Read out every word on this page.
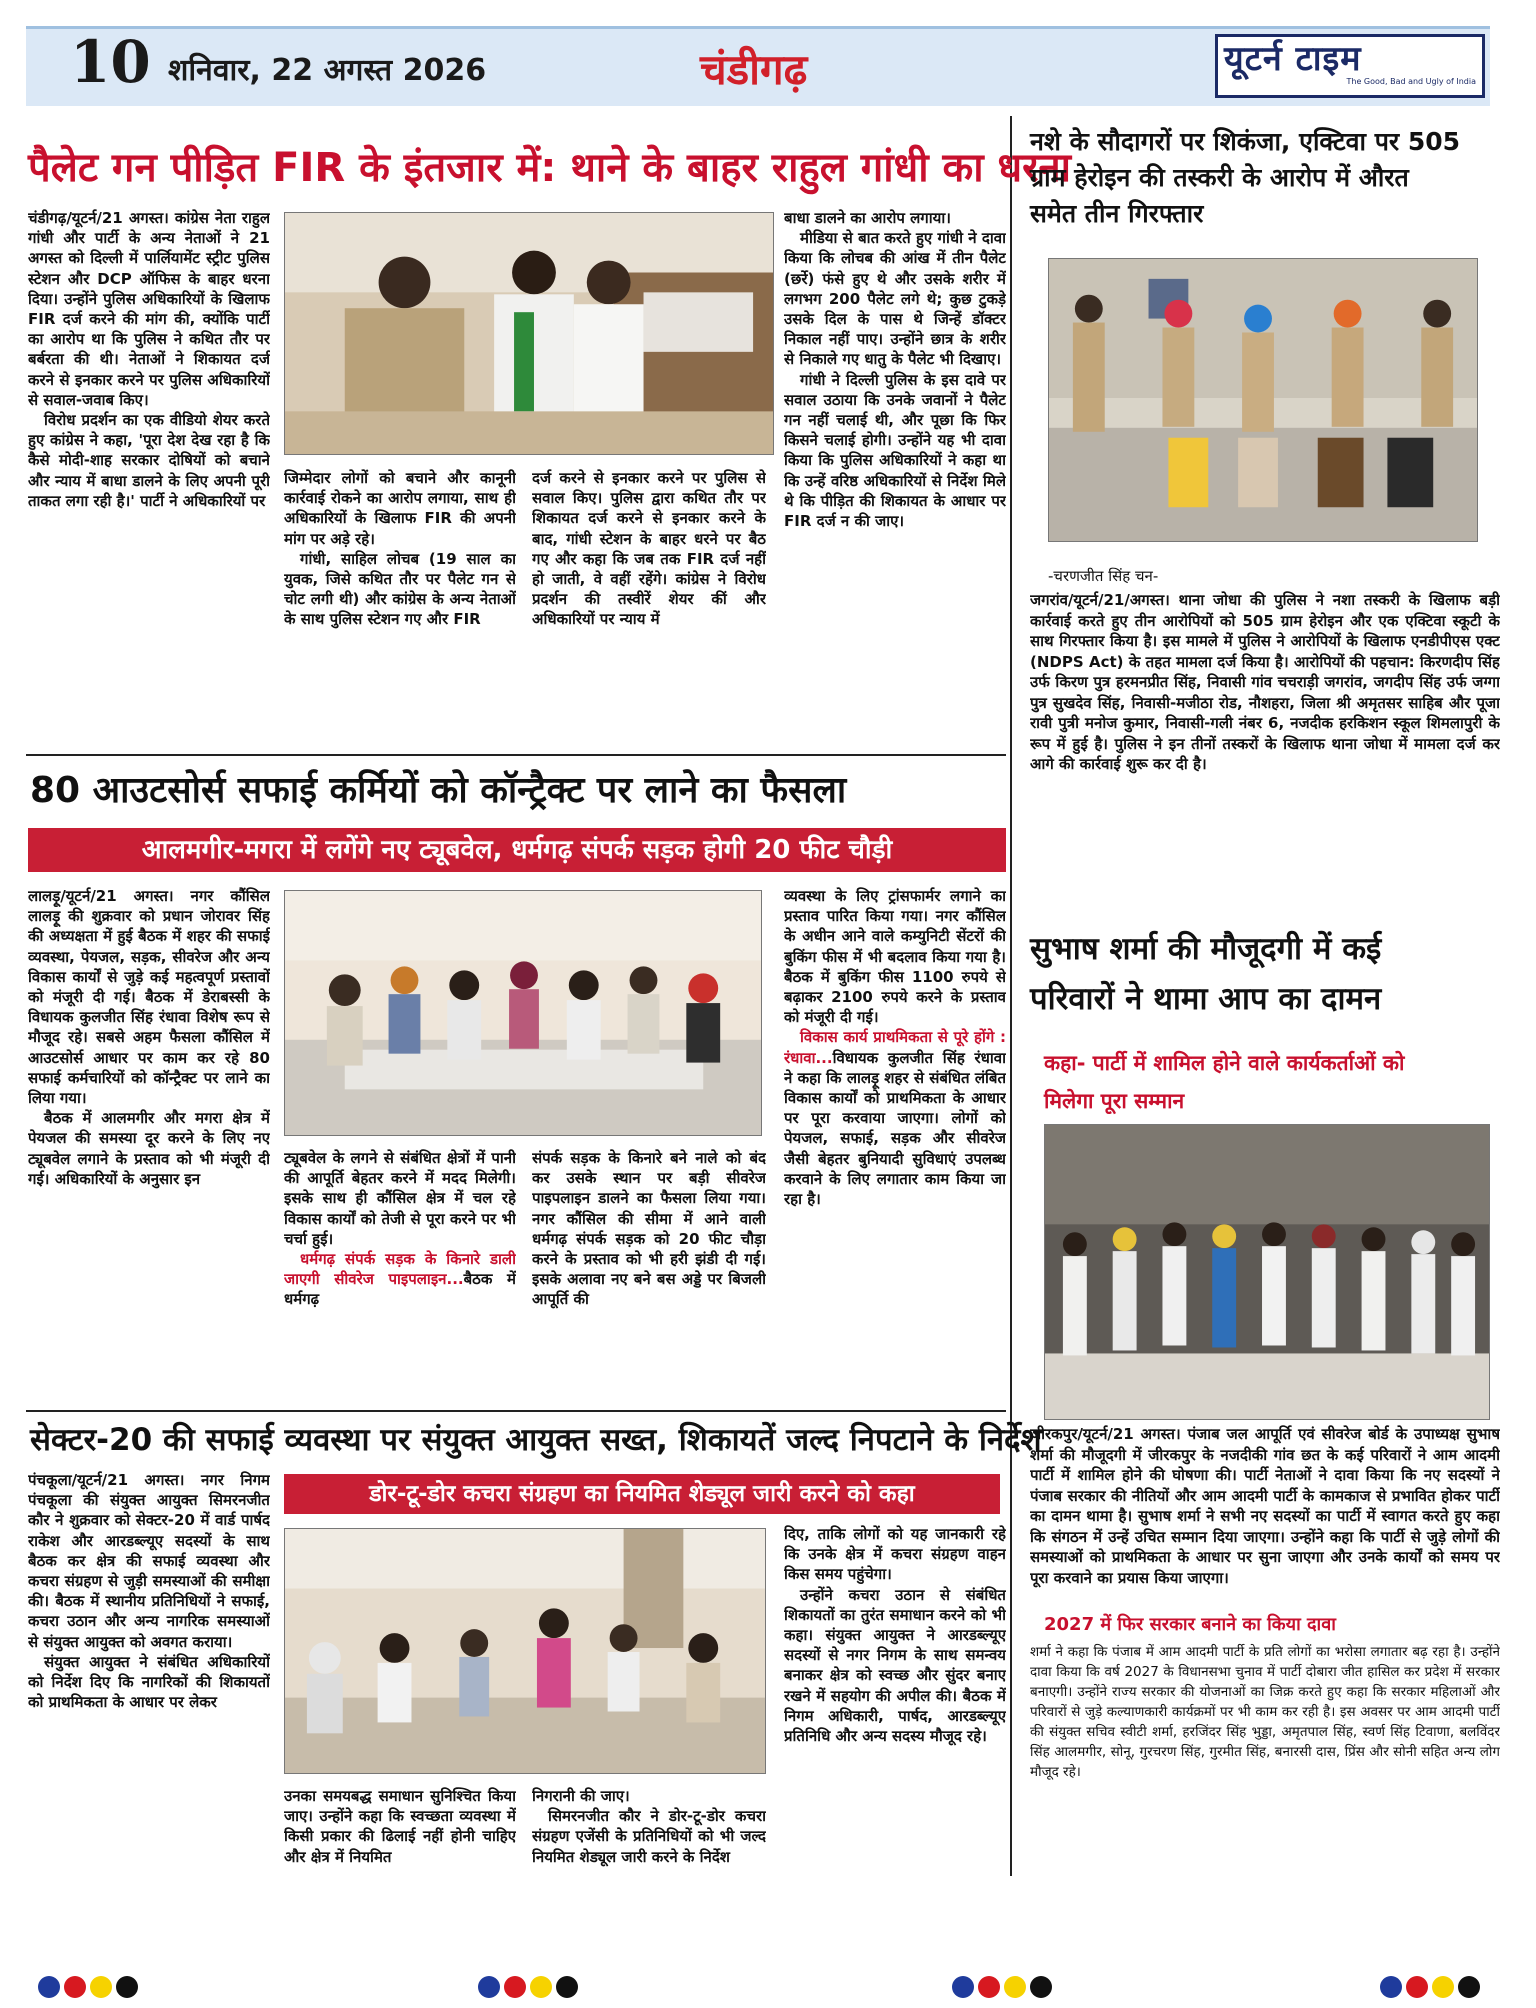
10 शनिवार, 22 अगस्त 2026	चंडीगढ़	यूटर्न टाइम
The Good, Bad and Ugly of India
पैलेट गन पीड़ित FIR के इंतजार में: थाने के बाहर राहुल गांधी का धरना

चंडीगढ़/यूटर्न/21 अगस्त। कांग्रेस नेता राहुल गांधी और पार्टी के अन्य नेताओं ने 21 अगस्त को दिल्ली में पार्लियामेंट स्ट्रीट पुलिस स्टेशन और DCP ऑफिस के बाहर धरना दिया। उन्होंने पुलिस अधिकारियों के खिलाफ FIR दर्ज करने की मांग की, क्योंकि पार्टी का आरोप था कि पुलिस ने कथित तौर पर बर्बरता की थी। नेताओं ने शिकायत दर्ज करने से इनकार करने पर पुलिस अधिकारियों से सवाल-जवाब किए।

विरोध प्रदर्शन का एक वीडियो शेयर करते हुए कांग्रेस ने कहा, 'पूरा देश देख रहा है कि कैसे मोदी-शाह सरकार दोषियों को बचाने और न्याय में बाधा डालने के लिए अपनी पूरी ताकत लगा रही है।' पार्टी ने अधिकारियों पर

जिम्मेदार लोगों को बचाने और कानूनी कार्रवाई रोकने का आरोप लगाया, साथ ही अधिकारियों के खिलाफ FIR की अपनी मांग पर अड़े रहे।

गांधी, साहिल लोचब (19 साल का युवक, जिसे कथित तौर पर पैलेट गन से चोट लगी थी) और कांग्रेस के अन्य नेताओं के साथ पुलिस स्टेशन गए और FIR

दर्ज करने से इनकार करने पर पुलिस से सवाल किए। पुलिस द्वारा कथित तौर पर शिकायत दर्ज करने से इनकार करने के बाद, गांधी स्टेशन के बाहर धरने पर बैठ गए और कहा कि जब तक FIR दर्ज नहीं हो जाती, वे वहीं रहेंगे। कांग्रेस ने विरोध प्रदर्शन की तस्वीरें शेयर कीं और अधिकारियों पर न्याय में

बाधा डालने का आरोप लगाया।

मीडिया से बात करते हुए गांधी ने दावा किया कि लोचब की आंख में तीन पैलेट (छर्रे) फंसे हुए थे और उसके शरीर में लगभग 200 पैलेट लगे थे; कुछ टुकड़े उसके दिल के पास थे जिन्हें डॉक्टर निकाल नहीं पाए। उन्होंने छात्र के शरीर से निकाले गए धातु के पैलेट भी दिखाए।

गांधी ने दिल्ली पुलिस के इस दावे पर सवाल उठाया कि उनके जवानों ने पैलेट गन नहीं चलाई थी, और पूछा कि फिर किसने चलाई होगी। उन्होंने यह भी दावा किया कि पुलिस अधिकारियों ने कहा था कि उन्हें वरिष्ठ अधिकारियों से निर्देश मिले थे कि पीड़ित की शिकायत के आधार पर FIR दर्ज न की जाए।

80 आउटसोर्स सफाई कर्मियों को कॉन्ट्रैक्ट पर लाने का फैसला
आलमगीर-मगरा में लगेंगे नए ट्यूबवेल, धर्मगढ़ संपर्क सड़क होगी 20 फीट चौड़ी

लालड़ू/यूटर्न/21 अगस्त। नगर कौंसिल लालड़ू की शुक्रवार को प्रधान जोरावर सिंह की अध्यक्षता में हुई बैठक में शहर की सफाई व्यवस्था, पेयजल, सड़क, सीवरेज और अन्य विकास कार्यों से जुड़े कई महत्वपूर्ण प्रस्तावों को मंजूरी दी गई। बैठक में डेराबस्सी के विधायक कुलजीत सिंह रंधावा विशेष रूप से मौजूद रहे। सबसे अहम फैसला कौंसिल में आउटसोर्स आधार पर काम कर रहे 80 सफाई कर्मचारियों को कॉन्ट्रैक्ट पर लाने का लिया गया।

बैठक में आलमगीर और मगरा क्षेत्र में पेयजल की समस्या दूर करने के लिए नए ट्यूबवेल लगाने के प्रस्ताव को भी मंजूरी दी गई। अधिकारियों के अनुसार इन

ट्यूबवेल के लगने से संबंधित क्षेत्रों में पानी की आपूर्ति बेहतर करने में मदद मिलेगी। इसके साथ ही कौंसिल क्षेत्र में चल रहे विकास कार्यों को तेजी से पूरा करने पर भी चर्चा हुई।

धर्मगढ़ संपर्क सड़क के किनारे डाली जाएगी सीवरेज पाइपलाइन...बैठक में धर्मगढ़

संपर्क सड़क के किनारे बने नाले को बंद कर उसके स्थान पर बड़ी सीवरेज पाइपलाइन डालने का फैसला लिया गया। नगर कौंसिल की सीमा में आने वाली धर्मगढ़ संपर्क सड़क को 20 फीट चौड़ा करने के प्रस्ताव को भी हरी झंडी दी गई। इसके अलावा नए बने बस अड्डे पर बिजली आपूर्ति की

व्यवस्था के लिए ट्रांसफार्मर लगाने का प्रस्ताव पारित किया गया। नगर कौंसिल के अधीन आने वाले कम्युनिटी सेंटरों की बुकिंग फीस में भी बदलाव किया गया है। बैठक में बुकिंग फीस 1100 रुपये से बढ़ाकर 2100 रुपये करने के प्रस्ताव को मंजूरी दी गई।

विकास कार्य प्राथमिकता से पूरे होंगे : रंधावा...विधायक कुलजीत सिंह रंधावा ने कहा कि लालड़ू शहर से संबंधित लंबित विकास कार्यों को प्राथमिकता के आधार पर पूरा करवाया जाएगा। लोगों को पेयजल, सफाई, सड़क और सीवरेज जैसी बेहतर बुनियादी सुविधाएं उपलब्ध करवाने के लिए लगातार काम किया जा रहा है।

सेक्टर-20 की सफाई व्यवस्था पर संयुक्त आयुक्त सख्त, शिकायतें जल्द निपटाने के निर्देश

पंचकूला/यूटर्न/21 अगस्त। नगर निगम पंचकूला की संयुक्त आयुक्त सिमरनजीत कौर ने शुक्रवार को सेक्टर-20 में वार्ड पार्षद राकेश और आरडब्ल्यूए सदस्यों के साथ बैठक कर क्षेत्र की सफाई व्यवस्था और कचरा संग्रहण से जुड़ी समस्याओं की समीक्षा की। बैठक में स्थानीय प्रतिनिधियों ने सफाई, कचरा उठान और अन्य नागरिक समस्याओं से संयुक्त आयुक्त को अवगत कराया।

संयुक्त आयुक्त ने संबंधित अधिकारियों को निर्देश दिए कि नागरिकों की शिकायतों को प्राथमिकता के आधार पर लेकर

डोर-टू-डोर कचरा संग्रहण का नियमित शेड्यूल जारी करने को कहा

उनका समयबद्ध समाधान सुनिश्चित किया जाए। उन्होंने कहा कि स्वच्छता व्यवस्था में किसी प्रकार की ढिलाई नहीं होनी चाहिए और क्षेत्र में नियमित

निगरानी की जाए।

सिमरनजीत कौर ने डोर-टू-डोर कचरा संग्रहण एजेंसी के प्रतिनिधियों को भी जल्द नियमित शेड्यूल जारी करने के निर्देश

दिए, ताकि लोगों को यह जानकारी रहे कि उनके क्षेत्र में कचरा संग्रहण वाहन किस समय पहुंचेगा।

उन्होंने कचरा उठान से संबंधित शिकायतों का तुरंत समाधान करने को भी कहा। संयुक्त आयुक्त ने आरडब्ल्यूए सदस्यों से नगर निगम के साथ समन्वय बनाकर क्षेत्र को स्वच्छ और सुंदर बनाए रखने में सहयोग की अपील की। बैठक में निगम अधिकारी, पार्षद, आरडब्ल्यूए प्रतिनिधि और अन्य सदस्य मौजूद रहे।

नशे के सौदागरों पर शिकंजा, एक्टिवा पर 505
ग्राम हेरोइन की तस्करी के आरोप में औरत
समेत तीन गिरफ्तार
-चरणजीत सिंह चन-

जगरांव/यूटर्न/21/अगस्त। थाना जोधा की पुलिस ने नशा तस्करी के खिलाफ बड़ी कार्रवाई करते हुए तीन आरोपियों को 505 ग्राम हेरोइन और एक एक्टिवा स्कूटी के साथ गिरफ्तार किया है। इस मामले में पुलिस ने आरोपियों के खिलाफ एनडीपीएस एक्ट (NDPS Act) के तहत मामला दर्ज किया है। आरोपियों की पहचान: किरणदीप सिंह उर्फ किरण पुत्र हरमनप्रीत सिंह, निवासी गांव चचराड़ी जगरांव, जगदीप सिंह उर्फ जग्गा पुत्र सुखदेव सिंह, निवासी-मजीठा रोड, नौशहरा, जिला श्री अमृतसर साहिब और पूजा रावी पुत्री मनोज कुमार, निवासी-गली नंबर 6, नजदीक हरकिशन स्कूल शिमलापुरी के रूप में हुई है। पुलिस ने इन तीनों तस्करों के खिलाफ थाना जोधा में मामला दर्ज कर आगे की कार्रवाई शुरू कर दी है।

सुभाष शर्मा की मौजूदगी में कई
परिवारों ने थामा आप का दामन
कहा- पार्टी में शामिल होने वाले कार्यकर्ताओं को
मिलेगा पूरा सम्मान

जीरकपुर/यूटर्न/21 अगस्त। पंजाब जल आपूर्ति एवं सीवरेज बोर्ड के उपाध्यक्ष सुभाष शर्मा की मौजूदगी में जीरकपुर के नजदीकी गांव छत के कई परिवारों ने आम आदमी पार्टी में शामिल होने की घोषणा की। पार्टी नेताओं ने दावा किया कि नए सदस्यों ने पंजाब सरकार की नीतियों और आम आदमी पार्टी के कामकाज से प्रभावित होकर पार्टी का दामन थामा है। सुभाष शर्मा ने सभी नए सदस्यों का पार्टी में स्वागत करते हुए कहा कि संगठन में उन्हें उचित सम्मान दिया जाएगा। उन्होंने कहा कि पार्टी से जुड़े लोगों की समस्याओं को प्राथमिकता के आधार पर सुना जाएगा और उनके कार्यों को समय पर पूरा करवाने का प्रयास किया जाएगा।

2027 में फिर सरकार बनाने का किया दावा

शर्मा ने कहा कि पंजाब में आम आदमी पार्टी के प्रति लोगों का भरोसा लगातार बढ़ रहा है। उन्होंने दावा किया कि वर्ष 2027 के विधानसभा चुनाव में पार्टी दोबारा जीत हासिल कर प्रदेश में सरकार बनाएगी। उन्होंने राज्य सरकार की योजनाओं का जिक्र करते हुए कहा कि सरकार महिलाओं और परिवारों से जुड़े कल्याणकारी कार्यक्रमों पर भी काम कर रही है। इस अवसर पर आम आदमी पार्टी की संयुक्त सचिव स्वीटी शर्मा, हरजिंदर सिंह भुड्डा, अमृतपाल सिंह, स्वर्ण सिंह टिवाणा, बलविंदर सिंह आलमगीर, सोनू, गुरचरण सिंह, गुरमीत सिंह, बनारसी दास, प्रिंस और सोनी सहित अन्य लोग मौजूद रहे।
